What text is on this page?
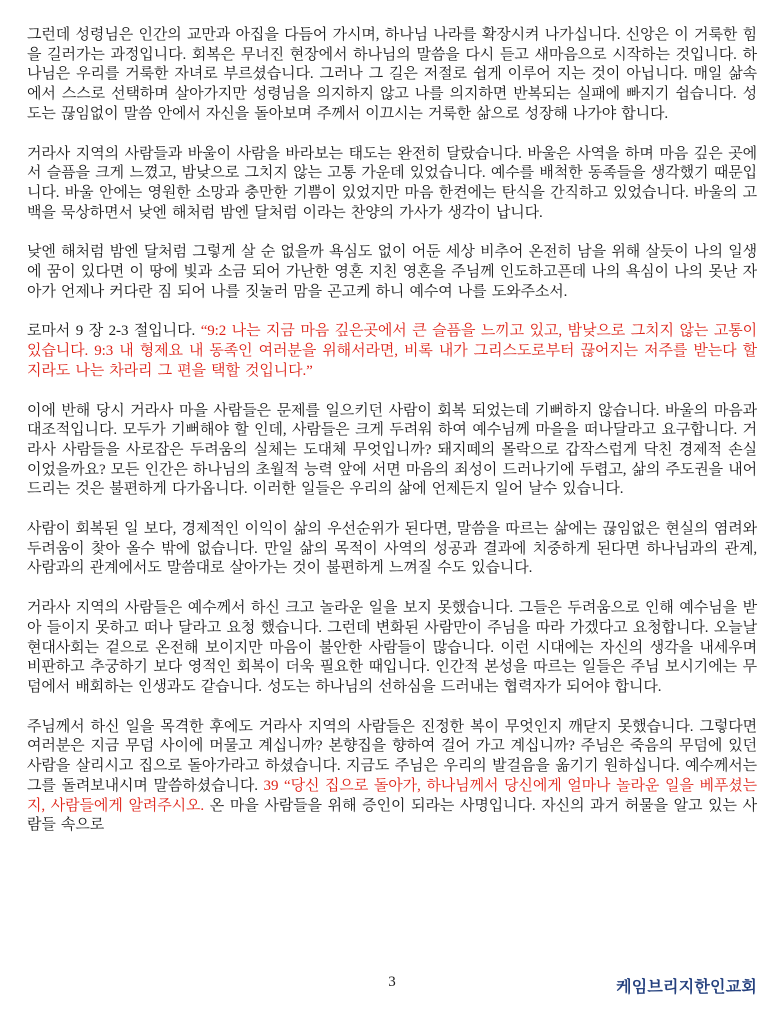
그런데 성령님은 인간의 교만과 아집을 다듬어 가시며, 하나님 나라를 확장시켜 나가십니다. 신앙은 이 거룩한 힘을 길러가는 과정입니다. 회복은 무너진 현장에서 하나님의 말씀을 다시 듣고 새마음으로 시작하는 것입니다. 하나님은 우리를 거룩한 자녀로 부르셨습니다. 그러나 그 길은 저절로 쉽게 이루어 지는 것이 아닙니다. 매일 삶속에서 스스로 선택하며 살아가지만 성령님을 의지하지 않고 나를 의지하면 반복되는 실패에 빠지기 쉽습니다. 성도는 끊임없이 말씀 안에서 자신을 돌아보며 주께서 이끄시는 거룩한 삶으로 성장해 나가야 합니다.

거라사 지역의 사람들과 바울이 사람을 바라보는 태도는 완전히 달랐습니다. 바울은 사역을 하며 마음 깊은 곳에서 슬픔을 크게 느꼈고, 밤낮으로 그치지 않는 고통 가운데 있었습니다. 예수를 배척한 동족들을 생각했기 때문입니다. 바울 안에는 영원한 소망과 충만한 기쁨이 있었지만 마음 한켠에는 탄식을 간직하고 있었습니다. 바울의 고백을 묵상하면서 낮엔 해처럼 밤엔 달처럼 이라는 찬양의 가사가 생각이 납니다.

낮엔 해처럼 밤엔 달처럼 그렇게 살 순 없을까 욕심도 없이 어둔 세상 비추어 온전히 남을 위해 살듯이 나의 일생에 꿈이 있다면 이 땅에 빛과 소금 되어 가난한 영혼 지친 영혼을 주님께 인도하고픈데 나의 욕심이 나의 못난 자아가 언제나 커다란 짐 되어 나를 짓눌러 맘을 곤고케 하니 예수여 나를 도와주소서.

로마서 9 장 2-3 절입니다. “9:2 나는 지금 마음 깊은곳에서 큰 슬픔을 느끼고 있고, 밤낮으로 그치지 않는 고통이 있습니다. 9:3 내 형제요 내 동족인 여러분을 위해서라면, 비록 내가 그리스도로부터 끊어지는 저주를 받는다 할지라도 나는 차라리 그 편을 택할 것입니다.”

이에 반해 당시 거라사 마을 사람들은 문제를 일으키던 사람이 회복 되었는데 기뻐하지 않습니다. 바울의 마음과 대조적입니다. 모두가 기뻐해야 할 인데, 사람들은 크게 두려워 하여 예수님께 마을을 떠나달라고 요구합니다. 거라사 사람들을 사로잡은 두려움의 실체는 도대체 무엇입니까? 돼지떼의 몰락으로 갑작스럽게 닥친 경제적 손실이었을까요? 모든 인간은 하나님의 초월적 능력 앞에 서면 마음의 죄성이 드러나기에 두렵고, 삶의 주도권을 내어 드리는 것은 불편하게 다가옵니다. 이러한 일들은 우리의 삶에 언제든지 일어 날수 있습니다.

사람이 회복된 일 보다, 경제적인 이익이 삶의 우선순위가 된다면, 말씀을 따르는 삶에는 끊임없은 현실의 염려와 두려움이 찾아 올수 밖에 없습니다. 만일 삶의 목적이 사역의 성공과 결과에 치중하게 된다면 하나님과의 관계, 사람과의 관계에서도 말씀대로 살아가는 것이 불편하게 느껴질 수도 있습니다.

거라사 지역의 사람들은 예수께서 하신 크고 놀라운 일을 보지 못했습니다. 그들은 두려움으로 인해 예수님을 받아 들이지 못하고 떠나 달라고 요청 했습니다. 그런데 변화된 사람만이 주님을 따라 가겠다고 요청합니다. 오늘날 현대사회는 겉으로 온전해 보이지만 마음이 불안한 사람들이 많습니다. 이런 시대에는 자신의 생각을 내세우며 비판하고 추궁하기 보다 영적인 회복이 더욱 필요한 때입니다. 인간적 본성을 따르는 일들은 주님 보시기에는 무덤에서 배회하는 인생과도 같습니다. 성도는 하나님의 선하심을 드러내는 협력자가 되어야 합니다.

주님께서 하신 일을 목격한 후에도 거라사 지역의 사람들은 진정한 복이 무엇인지 깨닫지 못했습니다. 그렇다면 여러분은 지금 무덤 사이에 머물고 계십니까? 본향집을 향하여 걸어 가고 계십니까? 주님은 죽음의 무덤에 있던 사람을 살리시고 집으로 돌아가라고 하셨습니다. 지금도 주님은 우리의 발걸음을 옮기기 원하십니다. 예수께서는 그를 돌려보내시며 말씀하셨습니다. 39 “당신 집으로 돌아가, 하나님께서 당신에게 얼마나 놀라운 일을 베푸셨는지, 사람들에게 알려주시오. 온 마을 사람들을 위해 증인이 되라는 사명입니다. 자신의 과거 허물을 알고 있는 사람들 속으로

3	케임브리지한인교회
